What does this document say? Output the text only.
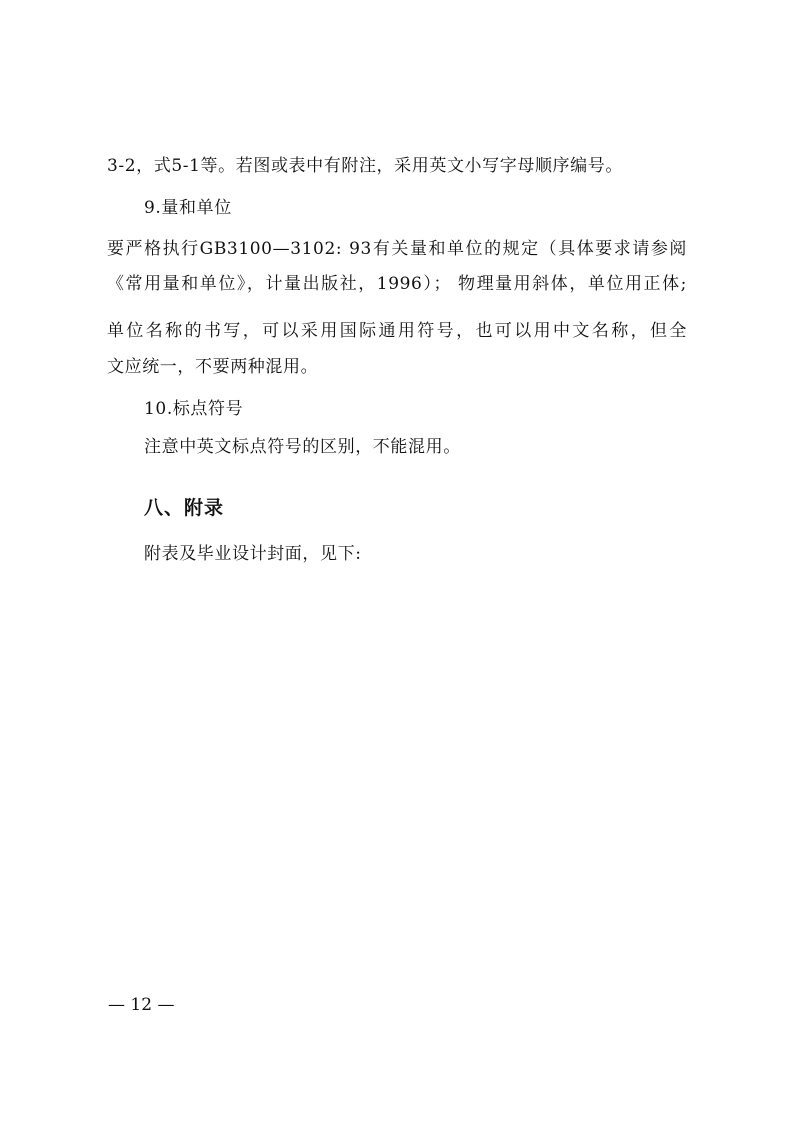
3-2，式5-1等。若图或表中有附注，采用英文小写字母顺序编号。
9.量和单位
要严格执行GB3100—3102: 93有关量和单位的规定（具体要求请参阅
《常用量和单位》，计量出版社，1996）； 物理量用斜体，单位用正体;
单位名称的书写，可以采用国际通用符号，也可以用中文名称，但全
文应统一，不要两种混用。
10.标点符号
注意中英文标点符号的区别，不能混用。
八、附录
附表及毕业设计封面，见下:
— 12 —
